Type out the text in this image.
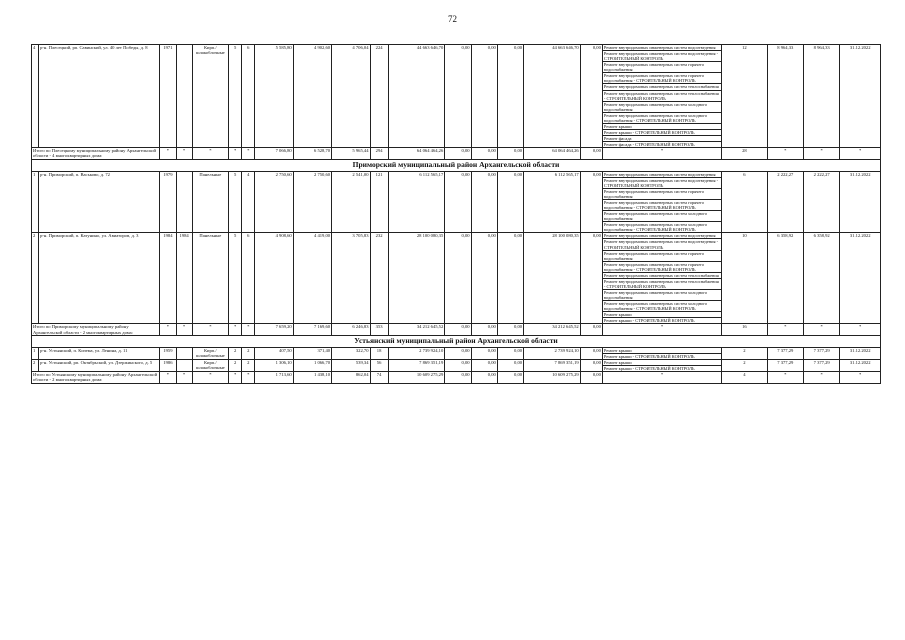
72
4	р-н. Плесецкий, рп. Савинский, ул. 40 лет Победы, д. 8	1971		Кирп./ шлакоблочные	5	6	5 585,80	4 902,60	4 706,04	224	44 663 646,70	0,00	0,00	0,00	44 663 646,70	0,00	Ремонт внутридомовых инженерных систем водоотведения	12	8 964,33	8 964,33	31.12.2022
																	Ремонт внутридомовых инженерных систем водоотведения - СТРОИТЕЛЬНЫЙ КОНТРОЛЬ				
																	Ремонт внутридомовых инженерных систем горячего водоснабжения				
																	Ремонт внутридомовых инженерных систем горячего водоснабжения - СТРОИТЕЛЬНЫЙ КОНТРОЛЬ				
																	Ремонт внутридомовых инженерных систем теплоснабжения				
																	Ремонт внутридомовых инженерных систем теплоснабжения - СТРОИТЕЛЬНЫЙ КОНТРОЛЬ				
																	Ремонт внутридомовых инженерных систем холодного водоснабжения				
																	Ремонт внутридомовых инженерных систем холодного водоснабжения - СТРОИТЕЛЬНЫЙ КОНТРОЛЬ				
																	Ремонт крыши				
																	Ремонт крыши - СТРОИТЕЛЬНЫЙ КОНТРОЛЬ				
																	Ремонт фасада				
																	Ремонт фасада - СТРОИТЕЛЬНЫЙ КОНТРОЛЬ				
Итого по Плесецкому муниципальному району Архангельской области - 4 многоквартирных дома:		*	*	*	*	*	7 066,80	6 528,70	5 965,44	294	64 064 464,26	0,00	0,00	0,00	64 064 464,26	0,00	*	28	*	*	*
Приморский муниципальный район Архангельской области																					
1	р-н. Приморский, п. Васьково, д. 72	1979		Панельные	5	4	2 750,60	2 750,60	2 541,00	121	6 112 565,17	0,00	0,00	0,00	6 112 565,17	0,00	Ремонт внутридомовых инженерных систем водоотведения	6	2 222,27	2 222,27	31.12.2022
																	Ремонт внутридомовых инженерных систем водоотведения - СТРОИТЕЛЬНЫЙ КОНТРОЛЬ				
																	Ремонт внутридомовых инженерных систем горячего водоснабжения				
																	Ремонт внутридомовых инженерных систем горячего водоснабжения - СТРОИТЕЛЬНЫЙ КОНТРОЛЬ				
																	Ремонт внутридомовых инженерных систем холодного водоснабжения				
																	Ремонт внутридомовых инженерных систем холодного водоснабжения - СТРОИТЕЛЬНЫЙ КОНТРОЛЬ				
2	р-н. Приморский, п. Катунино, ул. Авиаторов, д. 3	1984	1984	Панельные	5	6	4 908,60	4 419,00	3 705,83	232	28 100 080,35	0,00	0,00	0,00	28 100 080,35	0,00	Ремонт внутридомовых инженерных систем водоотведения	10	6 358,92	6 358,92	31.12.2022
																	Ремонт внутридомовых инженерных систем водоотведения - СТРОИТЕЛЬНЫЙ КОНТРОЛЬ				
																	Ремонт внутридомовых инженерных систем горячего водоснабжения				
																	Ремонт внутридомовых инженерных систем горячего водоснабжения - СТРОИТЕЛЬНЫЙ КОНТРОЛЬ				
																	Ремонт внутридомовых инженерных систем теплоснабжения				
																	Ремонт внутридомовых инженерных систем теплоснабжения - СТРОИТЕЛЬНЫЙ КОНТРОЛЬ				
																	Ремонт внутридомовых инженерных систем холодного водоснабжения				
																	Ремонт внутридомовых инженерных систем холодного водоснабжения - СТРОИТЕЛЬНЫЙ КОНТРОЛЬ				
																	Ремонт крыши				
																	Ремонт крыши - СТРОИТЕЛЬНЫЙ КОНТРОЛЬ				
Итого по Приморскому муниципальному району Архангельской области - 2 многоквартирных дома:		*	*	*	*	*	7 659,20	7 169,60	6 246,83	353	34 212 645,52	0,00	0,00	0,00	34 212 645,52	0,00	*	16	*	*	*
Устьянский муниципальный район Архангельской области																					
1	р-н. Устьянский, п. Кизема, ул. Ленина, д. 11	1959		Кирп./ шлакоблочные	2	2	407,50	371,40	322,70	18	2 739 924,10	0,00	0,00	0,00	2 739 924,10	0,00	Ремонт крыши	2	7 377,29	7 377,29	31.12.2022
																	Ремонт крыши - СТРОИТЕЛЬНЫЙ КОНТРОЛЬ				
2	р-н. Устьянский, рп. Октябрьский, ул. Дзержинского, д. 5	1986		Кирп./ шлакоблочные	2	2	1 306,10	1 066,70	539,34	56	7 869 351,19	0,00	0,00	0,00	7 869 351,19	0,00	Ремонт крыши	2	7 377,29	7 377,29	31.12.2022
																	Ремонт крыши - СТРОИТЕЛЬНЫЙ КОНТРОЛЬ				
Итого по Устьянскому муниципальному району Архангельской области - 2 многоквартирных дома:		*	*	*	*	*	1 713,60	1 438,10	862,04	74	10 609 275,29	0,00	0,00	0,00	10 609 275,29	0,00	*	4	*	*	*
